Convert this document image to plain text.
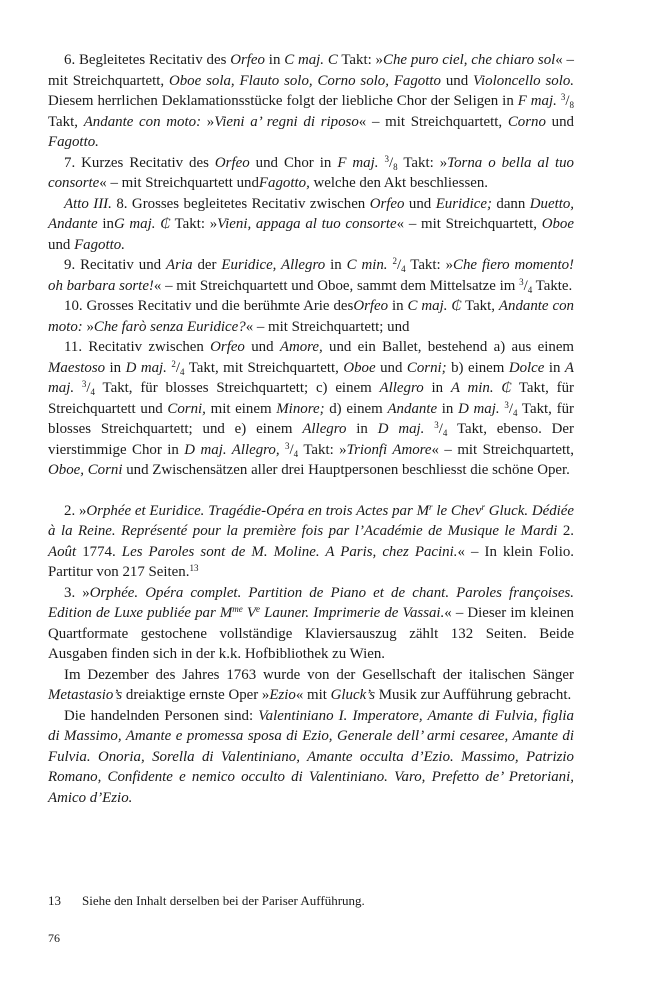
6. Begleitetes Recitativ des Orfeo in C maj. C Takt: »Che puro ciel, che chiaro sol« – mit Streichquartett, Oboe sola, Flauto solo, Corno solo, Fagotto und Violoncello solo. Diesem herrlichen Deklamationsstücke folgt der liebliche Chor der Seligen in F maj. $^3/_8$ Takt, Andante con moto: »Vieni a’ regni di riposo« – mit Streichquartett, Corno und Fagotto.

7. Kurzes Recitativ des Orfeo und Chor in F maj. $^3/_8$ Takt: »Torna o bella al tuo consorte« – mit Streichquartett undFagotto, welche den Akt beschliessen.

Atto III. 8. Grosses begleitetes Recitativ zwischen Orfeo und Euridice; dann Duetto, Andante inG maj. ₵ Takt: »Vieni, appaga al tuo consorte« – mit Streichquartett, Oboe und Fagotto.

9. Recitativ und Aria der Euridice, Allegro in C min. $^2/_4$ Takt: »Che fiero momento! oh barbara sorte!« – mit Streichquartett und Oboe, sammt dem Mittelsatze im $^3/_4$ Takte.

10. Grosses Recitativ und die berühmte Arie desOrfeo in C maj. ₵ Takt, Andante con moto: »Che farò senza Euridice?« – mit Streichquartett; und

11. Recitativ zwischen Orfeo und Amore, und ein Ballet, bestehend a) aus einem Maestoso in D maj. $^2/_4$ Takt, mit Streichquartett, Oboe und Corni; b) einem Dolce in A maj. $^3/_4$ Takt, für blosses Streichquartett; c) einem Allegro in A min. ₵ Takt, für Streichquartett und Corni, mit einem Minore; d) einem Andante in D maj. $^3/_4$ Takt, für blosses Streichquartett; und e) einem Allegro in D maj. $^3/_4$ Takt, ebenso. Der vierstimmige Chor in D maj. Allegro, $^3/_4$ Takt: »Trionfi Amore« – mit Streichquartett, Oboe, Corni und Zwischensätzen aller drei Hauptpersonen beschliesst die schöne Oper.

2. »Orphée et Euridice. Tragédie-Opéra en trois Actes par $M^r$ le Chev$^r$ Gluck. Dédiée à la Reine. Représenté pour la première fois par l’Académie de Musique le Mardi 2. Août 1774. Les Paroles sont de M. Moline. A Paris, chez Pacini.« – In klein Folio. Partitur von 217 Seiten.$^{13}$

3. »Orphée. Opéra complet. Partition de Piano et de chant. Paroles françoises. Edition de Luxe publiée par $M^{me}$ Ve Launer. Imprimerie de Vassai.« – Dieser im kleinen Quartformate gestochene vollständige Klaviersauszug zählt 132 Seiten. Beide Ausgaben finden sich in der k.k. Hofbibliothek zu Wien.

Im Dezember des Jahres 1763 wurde von der Gesellschaft der italischen Sänger Metastasio’s dreiaktige ernste Oper »Ezio« mit Gluck’s Musik zur Aufführung gebracht.

Die handelnden Personen sind: Valentiniano I. Imperatore, Amante di Fulvia, figlia di Massimo, Amante e promessa sposa di Ezio, Generale dell’ armi cesaree, Amante di Fulvia. Onoria, Sorella di Valentiniano, Amante occulta d’Ezio. Massimo, Patrizio Romano, Confidente e nemico occulto di Valentiniano. Varo, Prefetto de’ Pretoriani, Amico d’Ezio.

13 Siehe den Inhalt derselben bei der Pariser Aufführung.

76
